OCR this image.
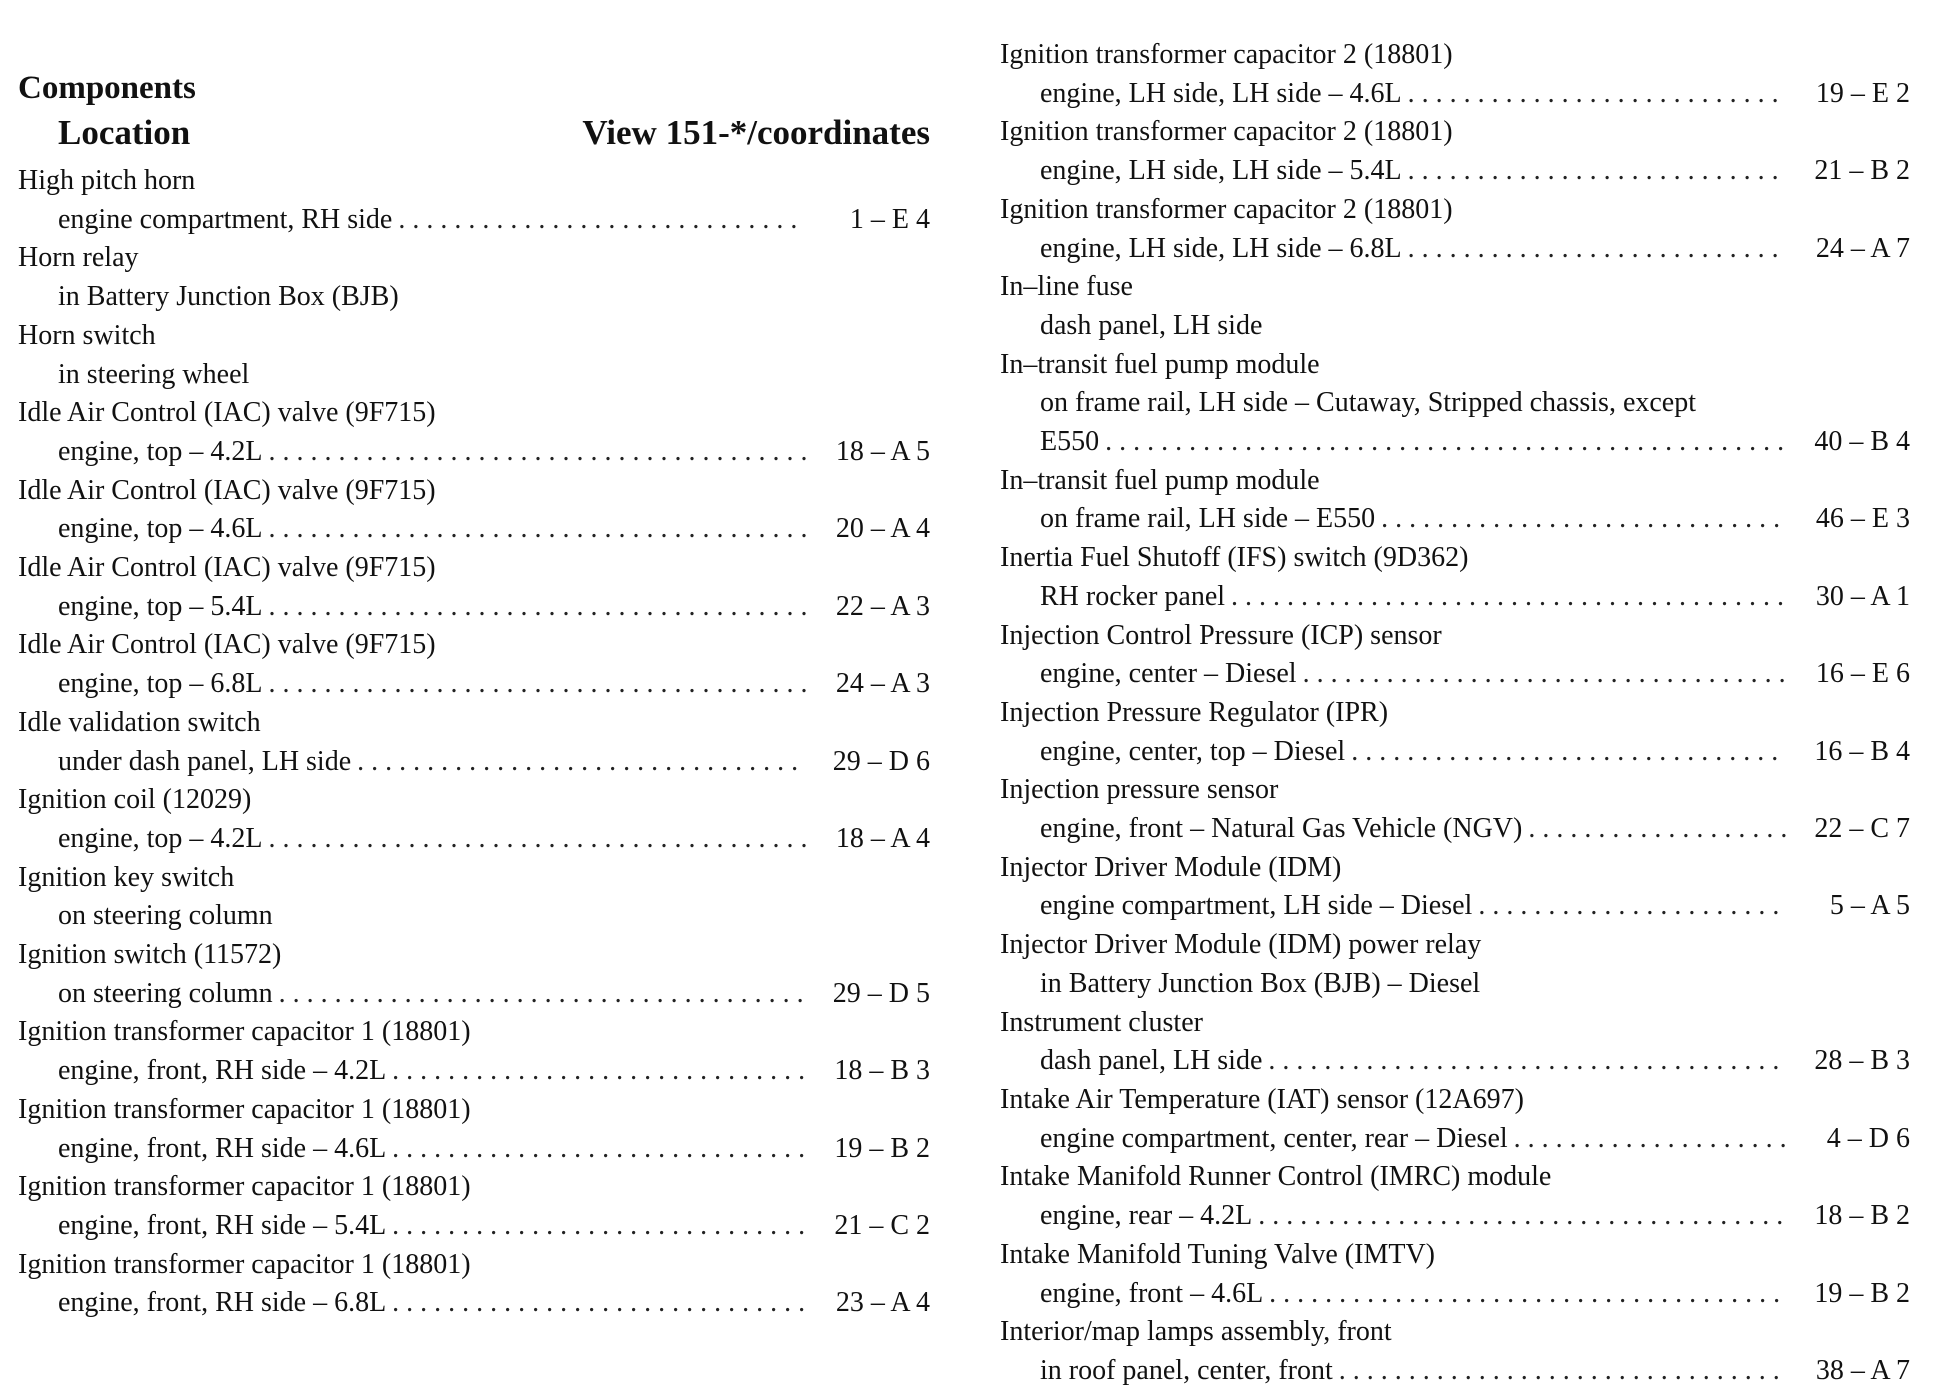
Components
Location	View 151-*/coordinates
High pitch horn
engine compartment, RH side . . .	1 – E 4
Horn relay
in Battery Junction Box (BJB)
Horn switch
in steering wheel
Idle Air Control (IAC) valve (9F715)
engine, top – 4.2L . . .	18 – A 5
Idle Air Control (IAC) valve (9F715)
engine, top – 4.6L . . .	20 – A 4
Idle Air Control (IAC) valve (9F715)
engine, top – 5.4L . . .	22 – A 3
Idle Air Control (IAC) valve (9F715)
engine, top – 6.8L . . .	24 – A 3
Idle validation switch
under dash panel, LH side . . .	29 – D 6
Ignition coil (12029)
engine, top – 4.2L . . .	18 – A 4
Ignition key switch
on steering column
Ignition switch (11572)
on steering column . . .	29 – D 5
Ignition transformer capacitor 1 (18801)
engine, front, RH side – 4.2L . . .	18 – B 3
Ignition transformer capacitor 1 (18801)
engine, front, RH side – 4.6L . . .	19 – B 2
Ignition transformer capacitor 1 (18801)
engine, front, RH side – 5.4L . . .	21 – C 2
Ignition transformer capacitor 1 (18801)
engine, front, RH side – 6.8L . . .	23 – A 4
Ignition transformer capacitor 2 (18801)
engine, LH side, LH side – 4.6L . . .	19 – E 2
Ignition transformer capacitor 2 (18801)
engine, LH side, LH side – 5.4L . . .	21 – B 2
Ignition transformer capacitor 2 (18801)
engine, LH side, LH side – 6.8L . . .	24 – A 7
In–line fuse
dash panel, LH side
In–transit fuel pump module
on frame rail, LH side – Cutaway, Stripped chassis, except
E550 . . .	40 – B 4
In–transit fuel pump module
on frame rail, LH side – E550 . . .	46 – E 3
Inertia Fuel Shutoff (IFS) switch (9D362)
RH rocker panel . . .	30 – A 1
Injection Control Pressure (ICP) sensor
engine, center – Diesel . . .	16 – E 6
Injection Pressure Regulator (IPR)
engine, center, top – Diesel . . .	16 – B 4
Injection pressure sensor
engine, front – Natural Gas Vehicle (NGV) . . .	22 – C 7
Injector Driver Module (IDM)
engine compartment, LH side – Diesel . . .	5 – A 5
Injector Driver Module (IDM) power relay
in Battery Junction Box (BJB) – Diesel
Instrument cluster
dash panel, LH side . . .	28 – B 3
Intake Air Temperature (IAT) sensor (12A697)
engine compartment, center, rear – Diesel . . .	4 – D 6
Intake Manifold Runner Control (IMRC) module
engine, rear – 4.2L . . .	18 – B 2
Intake Manifold Tuning Valve (IMTV)
engine, front – 4.6L . . .	19 – B 2
Interior/map lamps assembly, front
in roof panel, center, front . . .	38 – A 7
